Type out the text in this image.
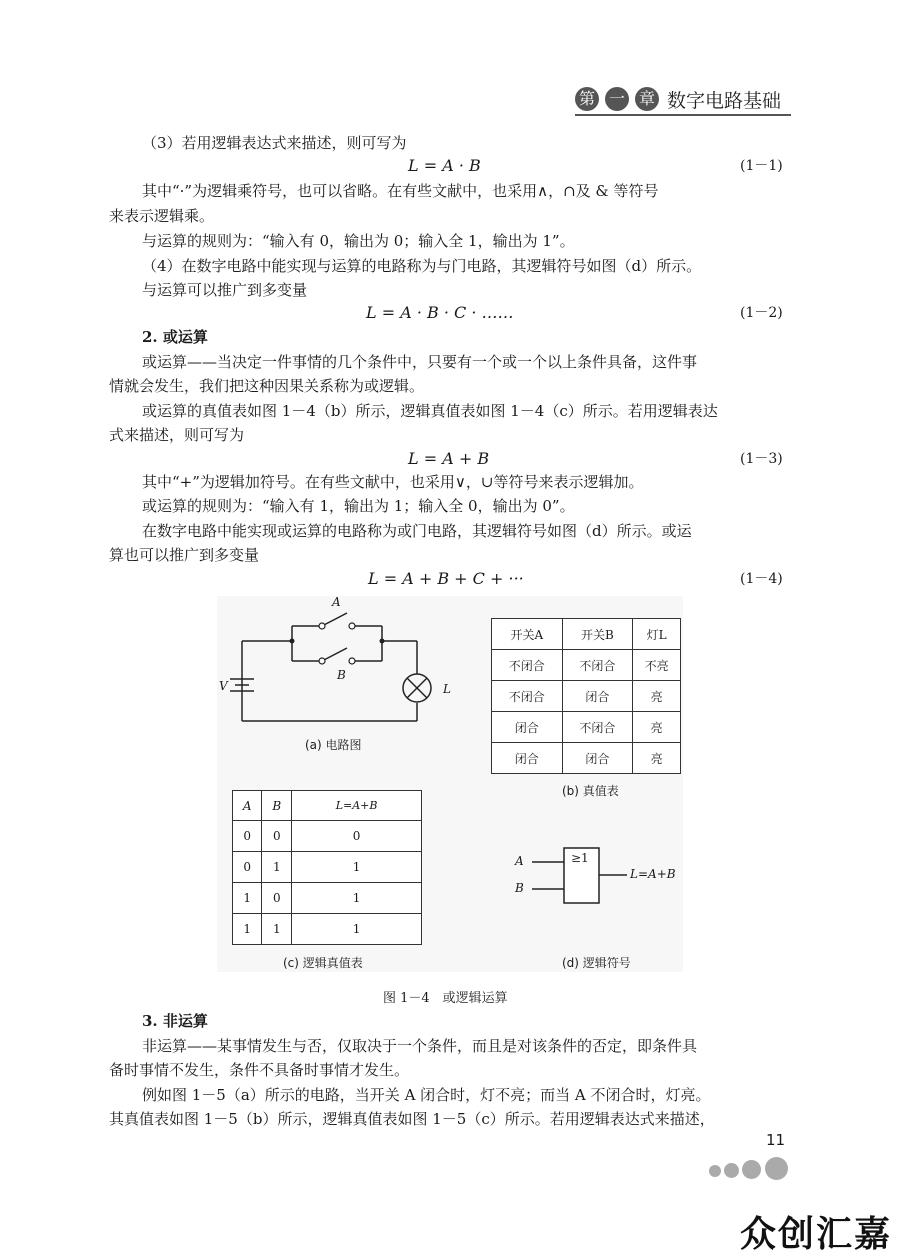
第 一 章 数字电路基础
（3）若用逻辑表达式来描述，则可写为
L = A · B	(1－1)
其中“·”为逻辑乘符号，也可以省略。在有些文献中，也采用∧，∩及 & 等符号
来表示逻辑乘。
与运算的规则为：“输入有 0，输出为 0；输入全 1，输出为 1”。
（4）在数字电路中能实现与运算的电路称为与门电路，其逻辑符号如图（d）所示。
与运算可以推广到多变量
L = A · B · C · ……	(1－2)
2. 或运算
或运算——当决定一件事情的几个条件中，只要有一个或一个以上条件具备，这件事
情就会发生，我们把这种因果关系称为或逻辑。
或运算的真值表如图 1－4（b）所示，逻辑真值表如图 1－4（c）所示。若用逻辑表达
式来描述，则可写为
L = A + B	(1－3)
其中“+”为逻辑加符号。在有些文献中，也采用∨，∪等符号来表示逻辑加。
或运算的规则为：“输入有 1，输出为 1；输入全 0，输出为 0”。
在数字电路中能实现或运算的电路称为或门电路，其逻辑符号如图（d）所示。或运
算也可以推广到多变量
L = A + B + C + ···	(1－4)
A
B
V	L
(a) 电路图
开关A	开关B	灯L
不闭合	不闭合	不亮
不闭合	闭合	亮
闭合	不闭合	亮
闭合	闭合	亮
(b) 真值表
A	B	L=A+B
0	0	0
0	1	1
1	0	1
1	1	1
(c) 逻辑真值表
A
B
≥1
L=A+B
(d) 逻辑符号
图 1－4　或逻辑运算
3. 非运算
非运算——某事情发生与否，仅取决于一个条件，而且是对该条件的否定，即条件具
备时事情不发生，条件不具备时事情才发生。
例如图 1－5（a）所示的电路，当开关 A 闭合时，灯不亮；而当 A 不闭合时，灯亮。
其真值表如图 1－5（b）所示，逻辑真值表如图 1－5（c）所示。若用逻辑表达式来描述，
11
众创汇嘉
